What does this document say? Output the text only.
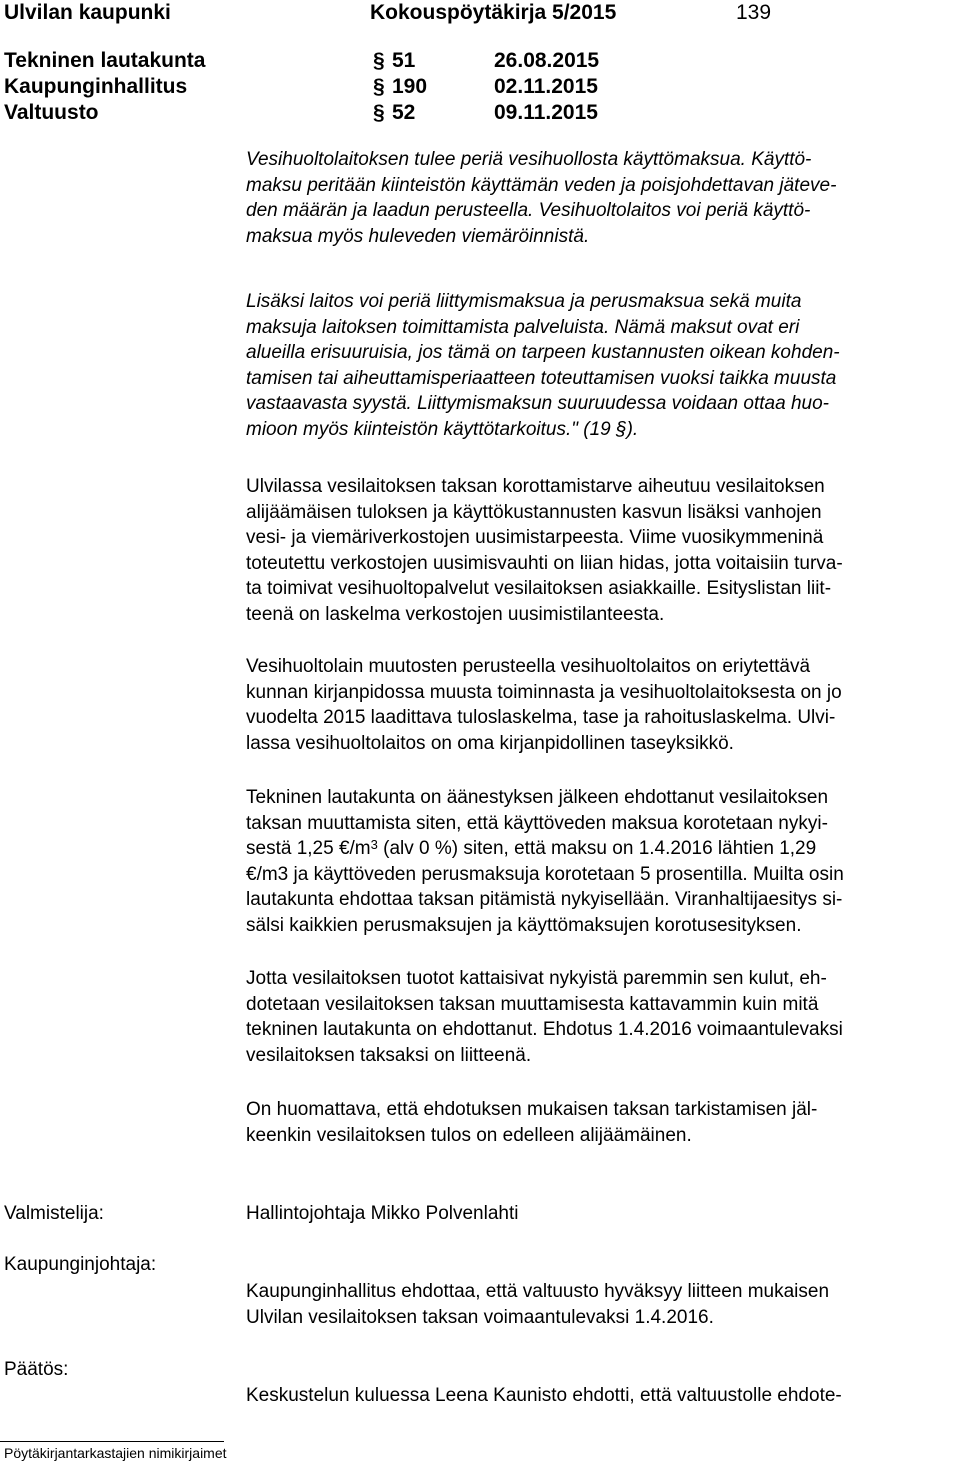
Ulvilan kaupunki	Kokouspöytäkirja 5/2015	139
Tekninen lautakunta	§ 51	26.08.2015
Kaupunginhallitus	§ 190	02.11.2015
Valtuusto	§ 52	09.11.2015
Vesihuoltolaitoksen tulee periä vesihuollosta käyttömaksua. Käyttö-
maksu peritään kiinteistön käyttämän veden ja poisjohdettavan jäteve-
den määrän ja laadun perusteella. Vesihuoltolaitos voi periä käyttö-
maksua myös huleveden viemäröinnistä.
Lisäksi laitos voi periä liittymismaksua ja perusmaksua sekä muita
maksuja laitoksen toimittamista palveluista. Nämä maksut ovat eri
alueilla erisuuruisia, jos tämä on tarpeen kustannusten oikean kohden-
tamisen tai aiheuttamisperiaatteen toteuttamisen vuoksi taikka muusta
vastaavasta syystä. Liittymismaksun suuruudessa voidaan ottaa huo-
mioon myös kiinteistön käyttötarkoitus." (19 §).
Ulvilassa vesilaitoksen taksan korottamistarve aiheutuu vesilaitoksen
alijäämäisen tuloksen ja käyttökustannusten kasvun lisäksi vanhojen
vesi- ja viemäriverkostojen uusimistarpeesta. Viime vuosikymmeninä
toteutettu verkostojen uusimisvauhti on liian hidas, jotta voitaisiin turva-
ta toimivat vesihuoltopalvelut vesilaitoksen asiakkaille. Esityslistan liit-
teenä on laskelma verkostojen uusimistilanteesta.
Vesihuoltolain muutosten perusteella vesihuoltolaitos on eriytettävä
kunnan kirjanpidossa muusta toiminnasta ja vesihuoltolaitoksesta on jo
vuodelta 2015 laadittava tuloslaskelma, tase ja rahoituslaskelma. Ulvi-
lassa vesihuoltolaitos on oma kirjanpidollinen taseyksikkö.
Tekninen lautakunta on äänestyksen jälkeen ehdottanut vesilaitoksen
taksan muuttamista siten, että käyttöveden maksua korotetaan nykyi-
sestä 1,25 $€/m^3$ (alv 0 %) siten, että maksu on 1.4.2016 lähtien 1,29
€/m3 ja käyttöveden perusmaksuja korotetaan 5 prosentilla. Muilta osin
lautakunta ehdottaa taksan pitämistä nykyisellään. Viranhaltijaesitys si-
sälsi kaikkien perusmaksujen ja käyttömaksujen korotusesityksen.
Jotta vesilaitoksen tuotot kattaisivat nykyistä paremmin sen kulut, eh-
dotetaan vesilaitoksen taksan muuttamisesta kattavammin kuin mitä
tekninen lautakunta on ehdottanut. Ehdotus 1.4.2016 voimaantulevaksi
vesilaitoksen taksaksi on liitteenä.
On huomattava, että ehdotuksen mukaisen taksan tarkistamisen jäl-
keenkin vesilaitoksen tulos on edelleen alijäämäinen.
Valmistelija:	Hallintojohtaja Mikko Polvenlahti
Kaupunginjohtaja:
Kaupunginhallitus ehdottaa, että valtuusto hyväksyy liitteen mukaisen
Ulvilan vesilaitoksen taksan voimaantulevaksi 1.4.2016.
Päätös:
Keskustelun kuluessa Leena Kaunisto ehdotti, että valtuustolle ehdote-
Pöytäkirjantarkastajien nimikirjaimet
